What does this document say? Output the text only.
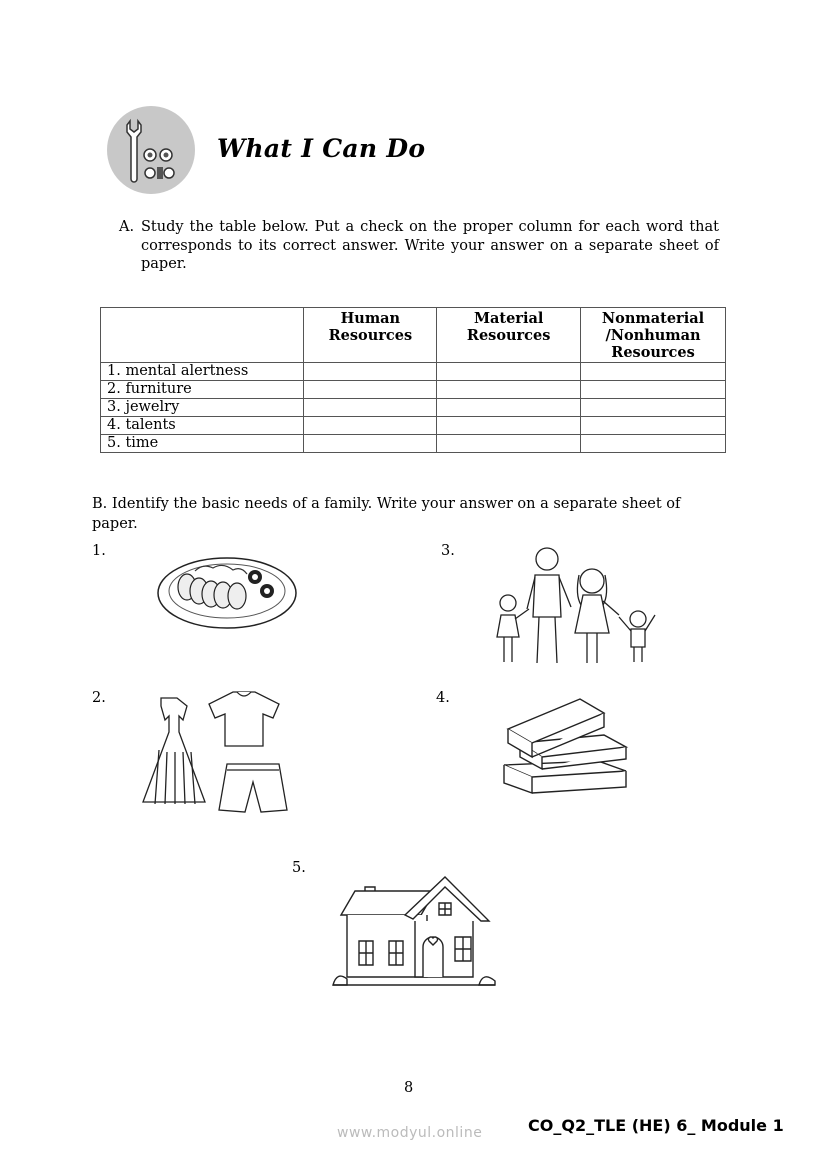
What I Can Do
A. Study the table below. Put a check on the proper column for each word that corresponds to its correct answer. Write your answer on a separate sheet of paper.
	Human Resources	Material Resources	Nonmaterial /Nonhuman Resources
1. mental alertness			
2. furniture			
3. jewelry			
4. talents			
5. time			
B. Identify the basic needs of a family. Write your answer on a separate sheet of paper.
1.	3.
2.	4.
5.
8
www.modyul.online	CO_Q2_TLE (HE) 6_ Module 1
